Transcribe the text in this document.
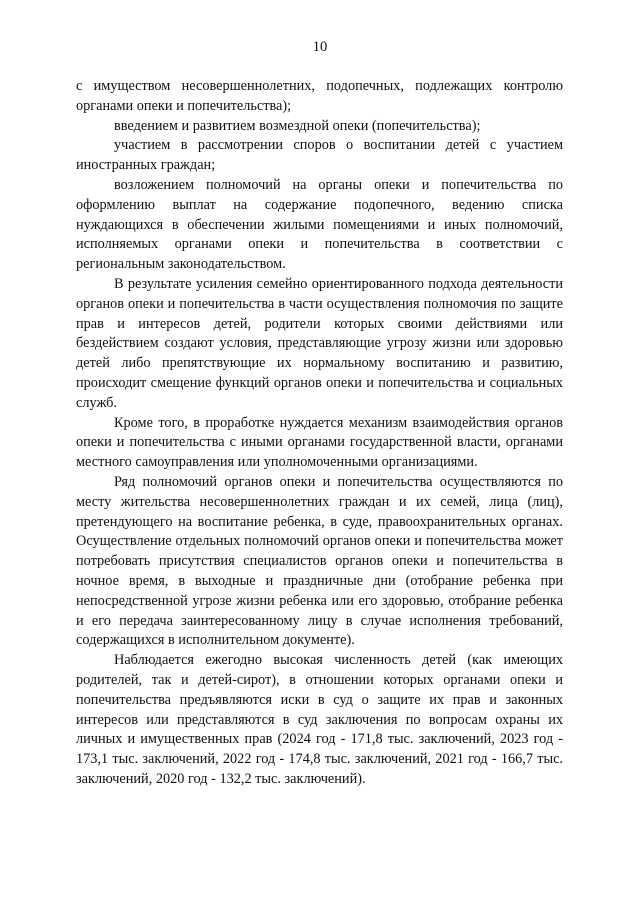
10

с имуществом несовершеннолетних, подопечных, подлежащих контролю органами опеки и попечительства);

введением и развитием возмездной опеки (попечительства);

участием в рассмотрении споров о воспитании детей с участием иностранных граждан;

возложением полномочий на органы опеки и попечительства по оформлению выплат на содержание подопечного, ведению списка нуждающихся в обеспечении жилыми помещениями и иных полномочий, исполняемых органами опеки и попечительства в соответствии с региональным законодательством.

В результате усиления семейно ориентированного подхода деятельности органов опеки и попечительства в части осуществления полномочия по защите прав и интересов детей, родители которых своими действиями или бездействием создают условия, представляющие угрозу жизни или здоровью детей либо препятствующие их нормальному воспитанию и развитию, происходит смещение функций органов опеки и попечительства и социальных служб.

Кроме того, в проработке нуждается механизм взаимодействия органов опеки и попечительства с иными органами государственной власти, органами местного самоуправления или уполномоченными организациями.

Ряд полномочий органов опеки и попечительства осуществляются по месту жительства несовершеннолетних граждан и их семей, лица (лиц), претендующего на воспитание ребенка, в суде, правоохранительных органах. Осуществление отдельных полномочий органов опеки и попечительства может потребовать присутствия специалистов органов опеки и попечительства в ночное время, в выходные и праздничные дни (отобрание ребенка при непосредственной угрозе жизни ребенка или его здоровью, отобрание ребенка и его передача заинтересованному лицу в случае исполнения требований, содержащихся в исполнительном документе).

Наблюдается ежегодно высокая численность детей (как имеющих родителей, так и детей-сирот), в отношении которых органами опеки и попечительства предъявляются иски в суд о защите их прав и законных интересов или представляются в суд заключения по вопросам охраны их личных и имущественных прав (2024 год - 171,8 тыс. заключений, 2023 год - 173,1 тыс. заключений, 2022 год - 174,8 тыс. заключений, 2021 год - 166,7 тыс. заключений, 2020 год - 132,2 тыс. заключений).
